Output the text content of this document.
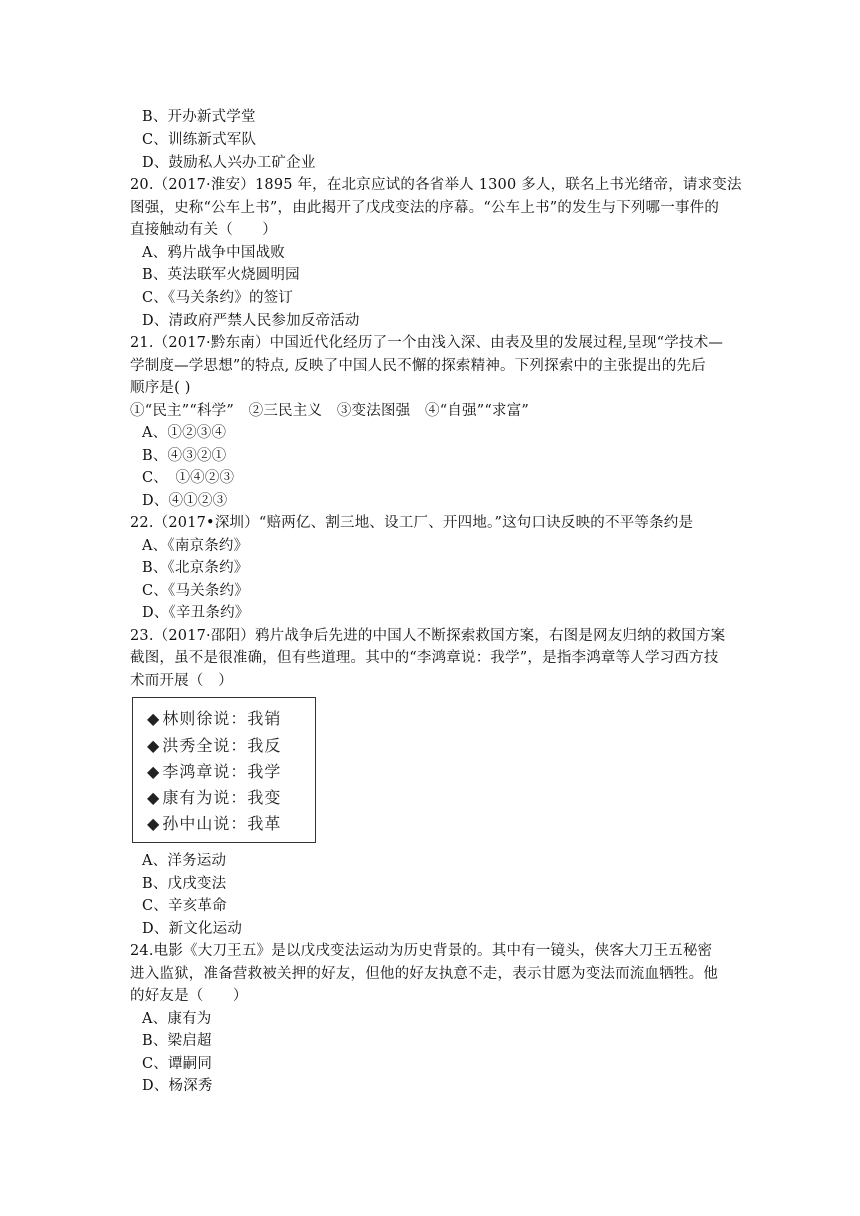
B、开办新式学堂
C、训练新式军队
D、鼓励私人兴办工矿企业
20.（2017·淮安）1895 年，在北京应试的各省举人 1300 多人，联名上书光绪帝，请求变法
图强，史称“公车上书”，由此揭开了戊戌变法的序幕。“公车上书”的发生与下列哪一事件的
直接触动有关（　　）
A、鸦片战争中国战败
B、英法联军火烧圆明园
C、《马关条约》的签订
D、清政府严禁人民参加反帝活动
21.（2017·黔东南）中国近代化经历了一个由浅入深、由表及里的发展过程,呈现“学技术—
学制度—学思想”的特点, 反映了中国人民不懈的探索精神。下列探索中的主张提出的先后
顺序是( )
①“民主”“科学”　②三民主义　③变法图强　④“自强”“求富”
A、①②③④
B、④③②①
C、　①④②③
D、④①②③
22.（2017•深圳）“赔两亿、割三地、设工厂、开四地。”这句口诀反映的不平等条约是
A、《南京条约》
B、《北京条约》
C、《马关条约》
D、《辛丑条约》
23.（2017·邵阳）鸦片战争后先进的中国人不断探索救国方案，右图是网友归纳的救国方案
截图，虽不是很准确，但有些道理。其中的“李鸿章说：我学”，是指李鸿章等人学习西方技
术而开展（　）
◆ 林则徐说：我销
◆ 洪秀全说：我反
◆ 李鸿章说：我学
◆ 康有为说：我变
◆ 孙中山说：我革
A、洋务运动
B、戊戌变法
C、辛亥革命
D、新文化运动
24.电影《大刀王五》是以戊戌变法运动为历史背景的。其中有一镜头，侠客大刀王五秘密
进入监狱，准备营救被关押的好友，但他的好友执意不走，表示甘愿为变法而流血牺牲。他
的好友是（　　）
A、康有为
B、梁启超
C、谭嗣同
D、杨深秀
